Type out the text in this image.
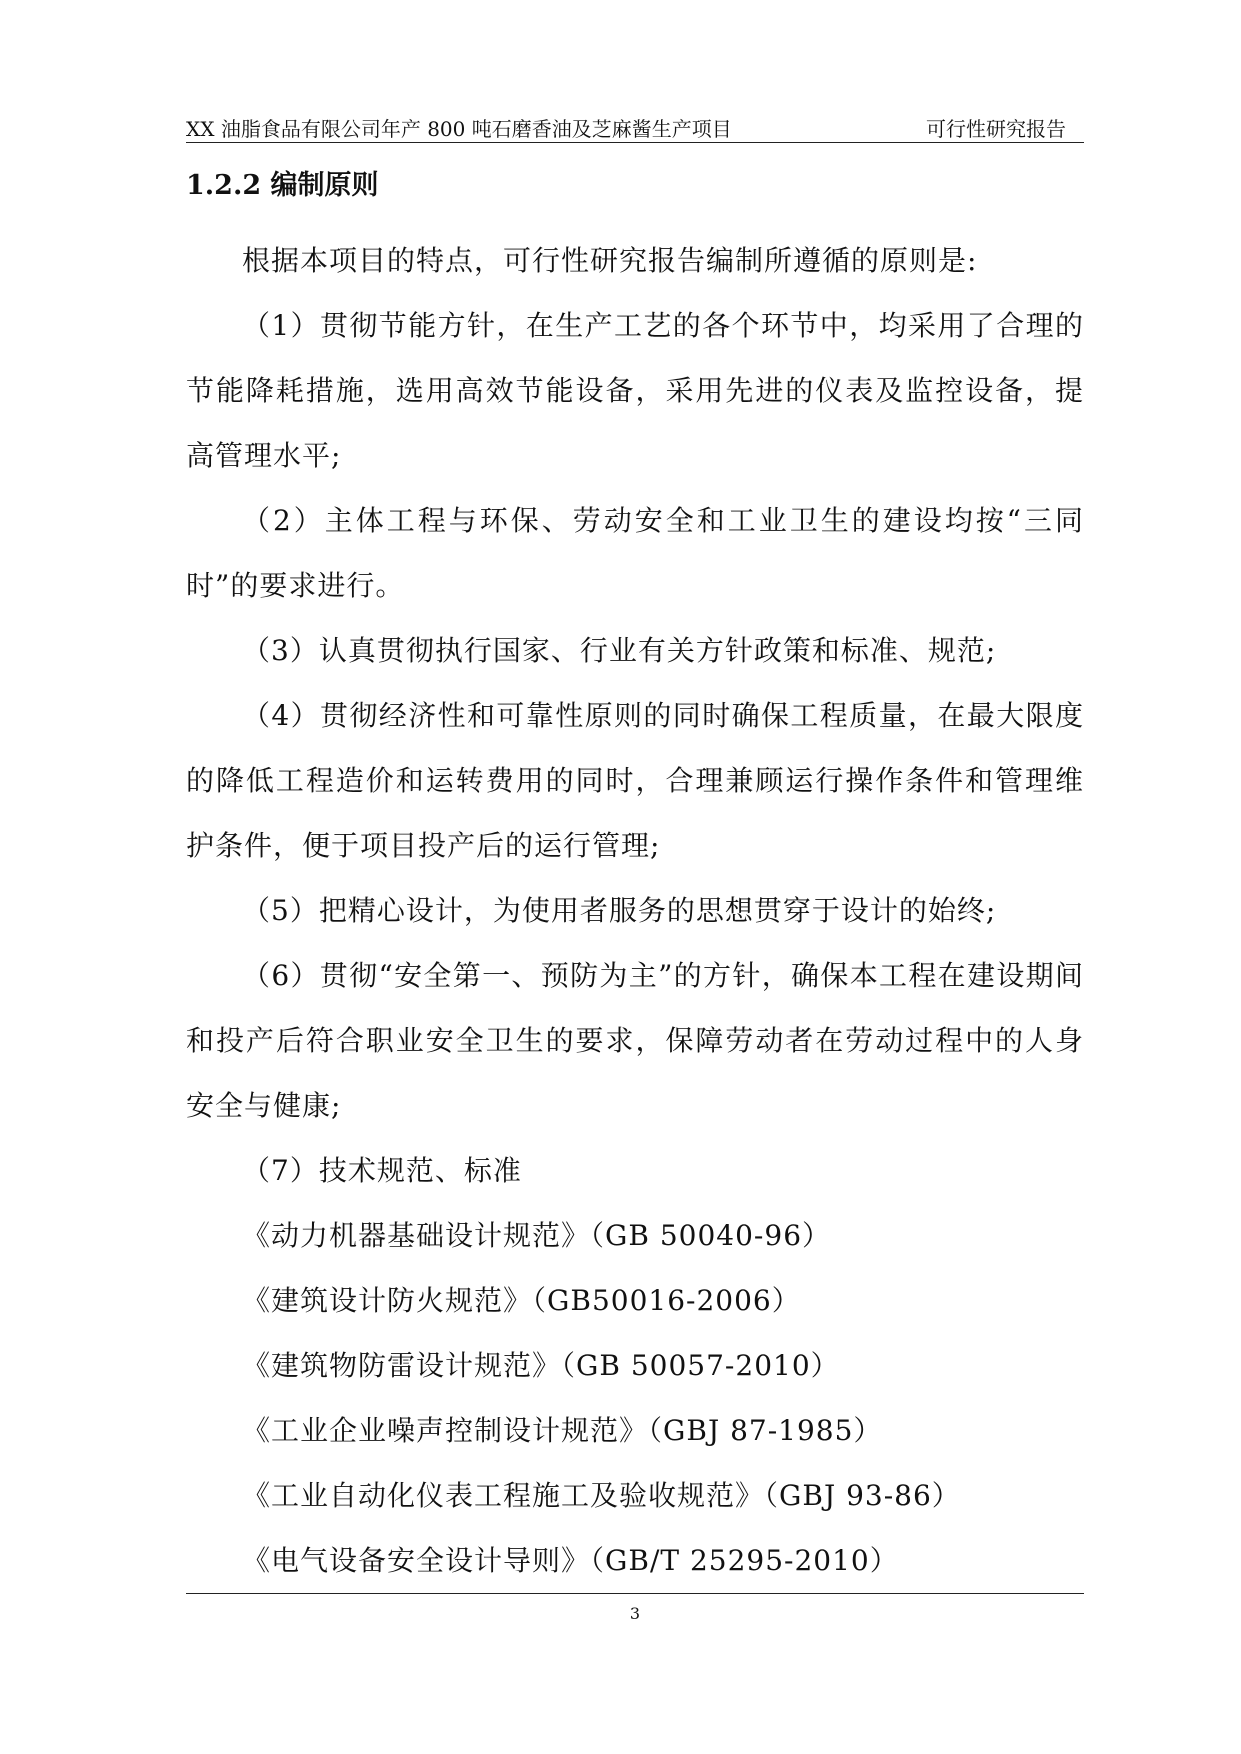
XX 油脂食品有限公司年产 800 吨石磨香油及芝麻酱生产项目	可行性研究报告
1.2.2 编制原则

根据本项目的特点，可行性研究报告编制所遵循的原则是:

（1）贯彻节能方针，在生产工艺的各个环节中，均采用了合理的节能降耗措施，选用高效节能设备，采用先进的仪表及监控设备，提高管理水平;

（2）主体工程与环保、劳动安全和工业卫生的建设均按“三同时”的要求进行。

（3）认真贯彻执行国家、行业有关方针政策和标准、规范;

（4）贯彻经济性和可靠性原则的同时确保工程质量，在最大限度的降低工程造价和运转费用的同时，合理兼顾运行操作条件和管理维护条件，便于项目投产后的运行管理;

（5）把精心设计，为使用者服务的思想贯穿于设计的始终;

（6）贯彻“安全第一、预防为主”的方针，确保本工程在建设期间和投产后符合职业安全卫生的要求，保障劳动者在劳动过程中的人身安全与健康;

（7）技术规范、标准

《动力机器基础设计规范》（GB 50040-96）

《建筑设计防火规范》（GB50016-2006）

《建筑物防雷设计规范》（GB 50057-2010）

《工业企业噪声控制设计规范》（GBJ 87-1985）

《工业自动化仪表工程施工及验收规范》（GBJ 93-86）

《电气设备安全设计导则》（GB/T 25295-2010）

3
